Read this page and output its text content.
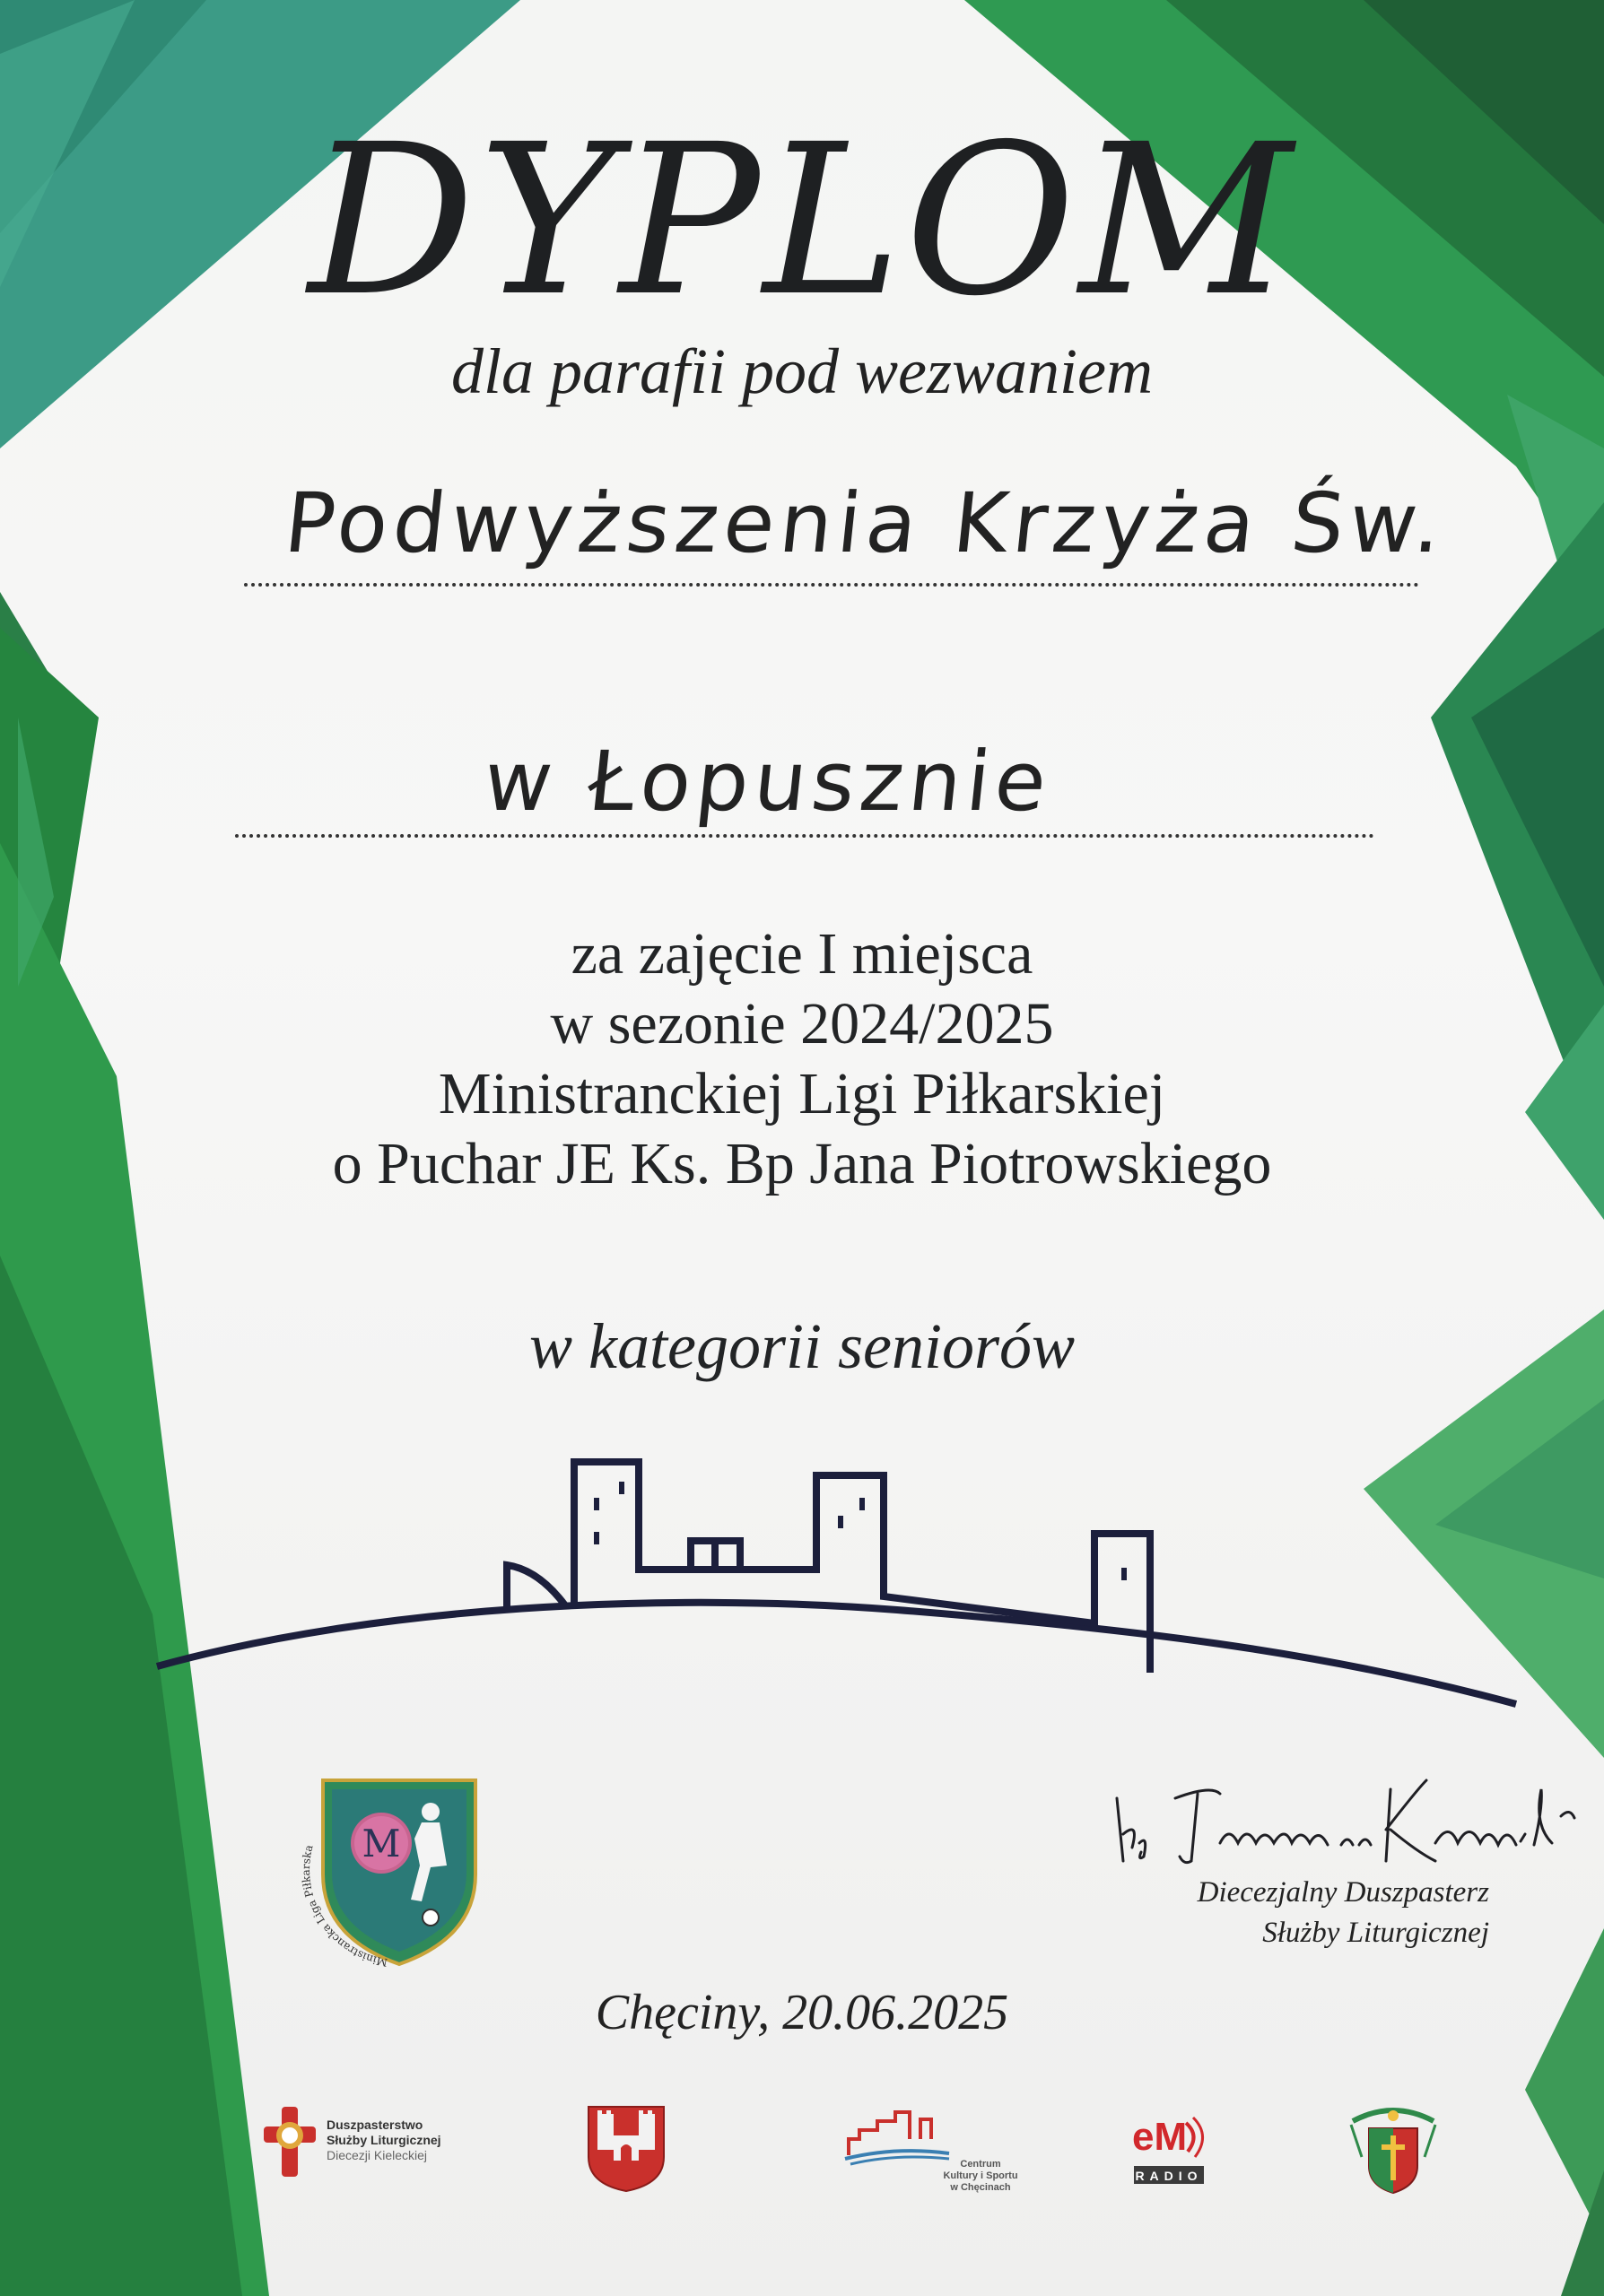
DYPLOM
dla parafii pod wezwaniem
Podwyższenia Krzyża Św.
w Łopusznie
za zajęcie I miejsca
w sezonie 2024/2025
Ministranckiej Ligi Piłkarskiej
o Puchar JE Ks. Bp Jana Piotrowskiego
w kategorii seniorów
M
Ministrancka Liga Piłkarska
Diecezjalny Duszpasterz
Służby Liturgicznej
Chęciny, 20.06.2025
Duszpasterstwo
Służby Liturgicznej
Diecezji Kieleckiej
Centrum
Kultury i Sportu
w Chęcinach
eM
RADIO
